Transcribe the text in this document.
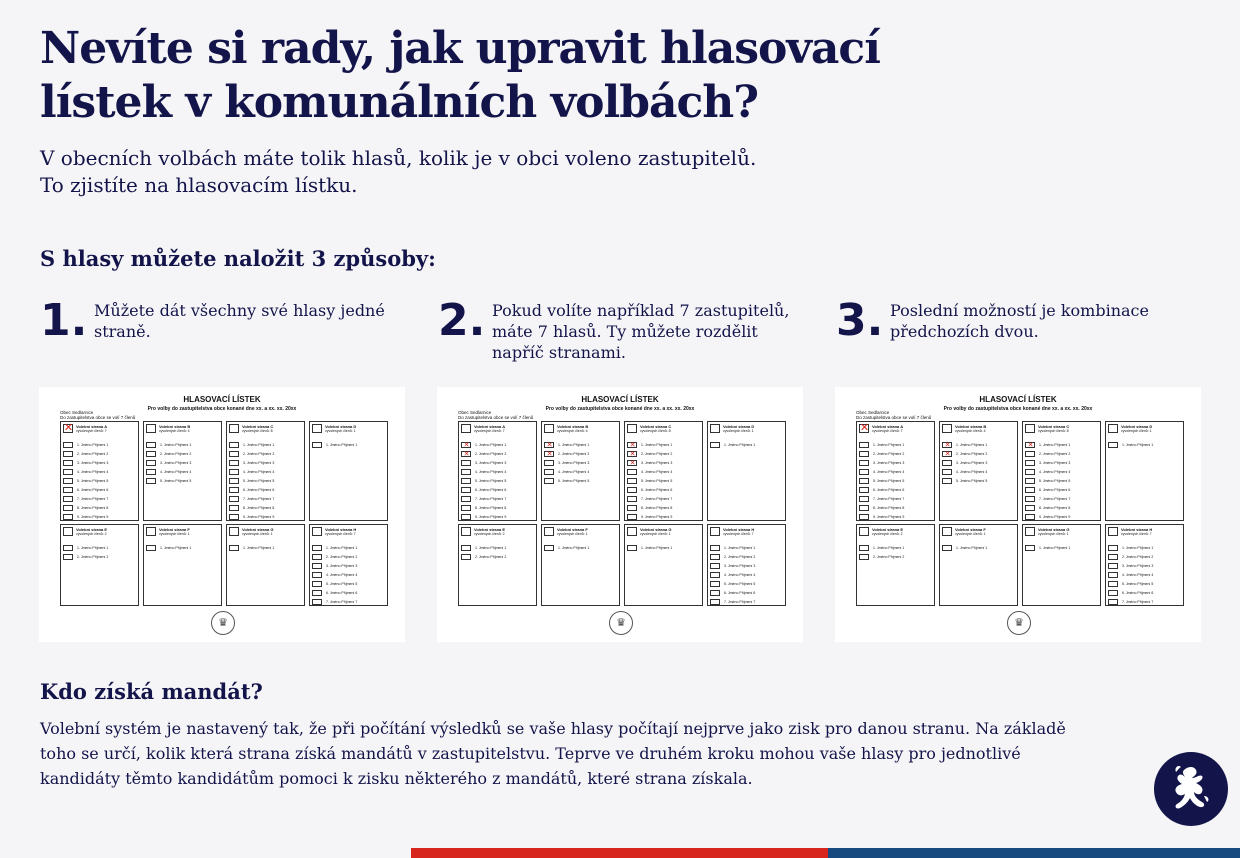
Nevíte si rady, jak upravit hlasovací
lístek v komunálních volbách?
V obecních volbách máte tolik hlasů, kolik je v obci voleno zastupitelů.
To zjistíte na hlasovacím lístku.
S hlasy můžete naložit 3 způsoby:
1. Můžete dát všechny své hlasy jedné straně.	2. Pokud volíte například 7 zastupitelů, máte 7 hlasů. Ty můžete rozdělit napříč stranami.
3. Poslední možností je kombinace předchozích dvou.
HLASOVACÍ LÍSTEK
Pro volby do zastupitelstva obce konané dne xx. a xx. xx. 20xx
Obec Sedlarnice
Do zastupitelstva obce se volí 7 členů
✕ Volební strana A
vyvolených členů: 7
1. Jméno Příjmení 1
2. Jméno Příjmení 2
3. Jméno Příjmení 3
4. Jméno Příjmení 4
5. Jméno Příjmení 5
6. Jméno Příjmení 6
7. Jméno Příjmení 7
8. Jméno Příjmení 8
9. Jméno Příjmení 9
Volební strana B
vyvolených členů: 4
1. Jméno Příjmení 1
2. Jméno Příjmení 2
3. Jméno Příjmení 3
4. Jméno Příjmení 4
5. Jméno Příjmení 5
Volební strana C
vyvolených členů: 8
1. Jméno Příjmení 1
2. Jméno Příjmení 2
3. Jméno Příjmení 3
4. Jméno Příjmení 4
5. Jméno Příjmení 5
6. Jméno Příjmení 6
7. Jméno Příjmení 7
8. Jméno Příjmení 8
9. Jméno Příjmení 9
Volební strana D
vyvolených členů: 1
1. Jméno Příjmení 1
Volební strana E
vyvolených členů: 2
1. Jméno Příjmení 1
2. Jméno Příjmení 2
Volební strana F
vyvolených členů: 1
1. Jméno Příjmení 1
Volební strana G
vyvolených členů: 1
1. Jméno Příjmení 1
Volební strana H
vyvolených členů: 7
1. Jméno Příjmení 1
2. Jméno Příjmení 2
3. Jméno Příjmení 3
4. Jméno Příjmení 4
5. Jméno Příjmení 5
6. Jméno Příjmení 6
7. Jméno Příjmení 7
♛
HLASOVACÍ LÍSTEK
Pro volby do zastupitelstva obce konané dne xx. a xx. xx. 20xx
Obec Sedlarnice
Do zastupitelstva obce se volí 7 členů
Volební strana A
vyvolených členů: 7
1. Jméno Příjmení 1
✕
2. Jméno Příjmení 2
✕
3. Jméno Příjmení 3
4. Jméno Příjmení 4
5. Jméno Příjmení 5
6. Jméno Příjmení 6
7. Jméno Příjmení 7
8. Jméno Příjmení 8
9. Jméno Příjmení 9
Volební strana B
vyvolených členů: 4
1. Jméno Příjmení 1
✕
2. Jméno Příjmení 2
✕
3. Jméno Příjmení 3
4. Jméno Příjmení 4
5. Jméno Příjmení 5
Volební strana C
vyvolených členů: 8
1. Jméno Příjmení 1
✕
2. Jméno Příjmení 2
✕
3. Jméno Příjmení 3
✕
4. Jméno Příjmení 4
5. Jméno Příjmení 5
6. Jméno Příjmení 6
7. Jméno Příjmení 7
8. Jméno Příjmení 8
9. Jméno Příjmení 9
Volební strana D
vyvolených členů: 1
1. Jméno Příjmení 1
Volební strana E
vyvolených členů: 2
1. Jméno Příjmení 1
2. Jméno Příjmení 2
Volební strana F
vyvolených členů: 1
1. Jméno Příjmení 1
Volební strana G
vyvolených členů: 1
1. Jméno Příjmení 1
Volební strana H
vyvolených členů: 7
1. Jméno Příjmení 1
2. Jméno Příjmení 2
3. Jméno Příjmení 3
4. Jméno Příjmení 4
5. Jméno Příjmení 5
6. Jméno Příjmení 6
7. Jméno Příjmení 7
♛
HLASOVACÍ LÍSTEK
Pro volby do zastupitelstva obce konané dne xx. a xx. xx. 20xx
Obec Sedlarnice
Do zastupitelstva obce se volí 7 členů
✕ Volební strana A
vyvolených členů: 7
1. Jméno Příjmení 1
2. Jméno Příjmení 2
3. Jméno Příjmení 3
4. Jméno Příjmení 4
5. Jméno Příjmení 5
6. Jméno Příjmení 6
7. Jméno Příjmení 7
8. Jméno Příjmení 8
9. Jméno Příjmení 9
Volební strana B
vyvolených členů: 4
1. Jméno Příjmení 1
✕
2. Jméno Příjmení 2
✕
3. Jméno Příjmení 3
4. Jméno Příjmení 4
5. Jméno Příjmení 5
Volební strana C
vyvolených členů: 8
1. Jméno Příjmení 1
✕
2. Jméno Příjmení 2
3. Jméno Příjmení 3
4. Jméno Příjmení 4
5. Jméno Příjmení 5
6. Jméno Příjmení 6
7. Jméno Příjmení 7
8. Jméno Příjmení 8
9. Jméno Příjmení 9
Volební strana D
vyvolených členů: 1
1. Jméno Příjmení 1
Volební strana E
vyvolených členů: 2
1. Jméno Příjmení 1
2. Jméno Příjmení 2
Volební strana F
vyvolených členů: 1
1. Jméno Příjmení 1
Volební strana G
vyvolených členů: 1
1. Jméno Příjmení 1
Volební strana H
vyvolených členů: 7
1. Jméno Příjmení 1
2. Jméno Příjmení 2
3. Jméno Příjmení 3
4. Jméno Příjmení 4
5. Jméno Příjmení 5
6. Jméno Příjmení 6
7. Jméno Příjmení 7
♛
Kdo získá mandát?
Volební systém je nastavený tak, že při počítání výsledků se vaše hlasy počítají nejprve jako zisk pro danou stranu. Na základě
toho se určí, kolik která strana získá mandátů v zastupitelstvu. Teprve ve druhém kroku mohou vaše hlasy pro jednotlivé
kandidáty těmto kandidátům pomoci k zisku některého z mandátů, které strana získala.
